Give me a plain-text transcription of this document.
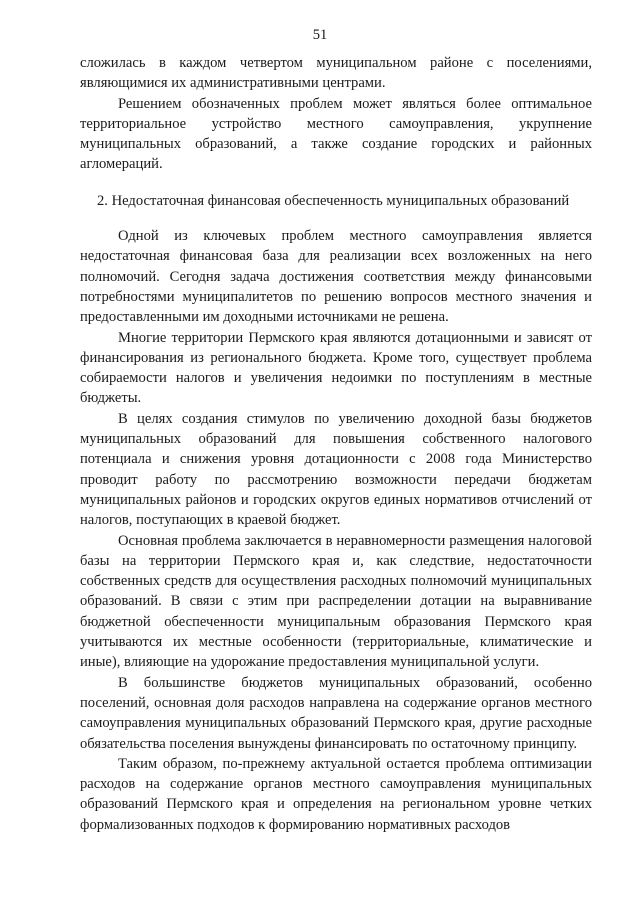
51

сложилась в каждом четвертом муниципальном районе с поселениями, являющимися их административными центрами.

Решением обозначенных проблем может являться более оптимальное территориальное устройство местного самоуправления, укрупнение муниципальных образований, а также создание городских и районных агломераций.

2. Недостаточная финансовая обеспеченность муниципальных образований

Одной из ключевых проблем местного самоуправления является недостаточная финансовая база для реализации всех возложенных на него полномочий. Сегодня задача достижения соответствия между финансовыми потребностями муниципалитетов по решению вопросов местного значения и предоставленными им доходными источниками не решена.

Многие территории Пермского края являются дотационными и зависят от финансирования из регионального бюджета. Кроме того, существует проблема собираемости налогов и увеличения недоимки по поступлениям в местные бюджеты.

В целях создания стимулов по увеличению доходной базы бюджетов муниципальных образований для повышения собственного налогового потенциала и снижения уровня дотационности с 2008 года Министерство проводит работу по рассмотрению возможности передачи бюджетам муниципальных районов и городских округов единых нормативов отчислений от налогов, поступающих в краевой бюджет.

Основная проблема заключается в неравномерности размещения налоговой базы на территории Пермского края и, как следствие, недостаточности собственных средств для осуществления расходных полномочий муниципальных образований. В связи с этим при распределении дотации на выравнивание бюджетной обеспеченности муниципальным образования Пермского края учитываются их местные особенности (территориальные, климатические и иные), влияющие на удорожание предоставления муниципальной услуги.

В большинстве бюджетов муниципальных образований, особенно поселений, основная доля расходов направлена на содержание органов местного самоуправления муниципальных образований Пермского края, другие расходные обязательства поселения вынуждены финансировать по остаточному принципу.

Таким образом, по-прежнему актуальной остается проблема оптимизации расходов на содержание органов местного самоуправления муниципальных образований Пермского края и определения на региональном уровне четких формализованных подходов к формированию нормативных расходов
